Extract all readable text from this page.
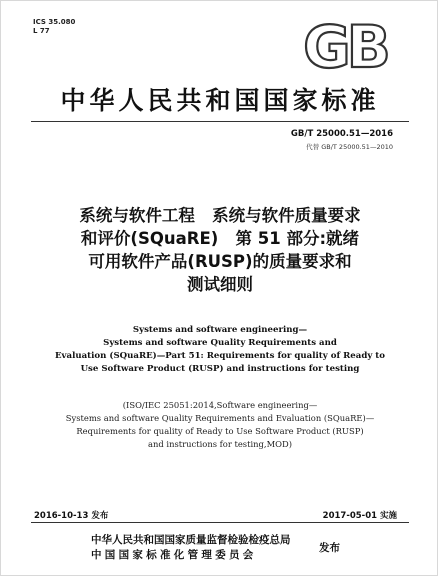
ICS 35.080
L 77	GB
中华人民共和国国家标准
GB/T 25000.51—2016
代替 GB/T 25000.51—2010
系统与软件工程   系统与软件质量要求
和评价(SQuaRE)   第 51 部分:就绪
可用软件产品(RUSP)的质量要求和
测试细则
Systems and software engineering—
Systems and software Quality Requirements and
Evaluation (SQuaRE)—Part 51: Requirements for quality of Ready to
Use Software Product (RUSP) and instructions for testing
(ISO/IEC 25051:2014,Software engineering—
Systems and software Quality Requirements and Evaluation (SQuaRE)—
Requirements for quality of Ready to Use Software Product (RUSP)
and instructions for testing,MOD)
2016-10-13 发布	2017-05-01 实施
中华人民共和国国家质量监督检验检疫总局
中国国家标准化管理委员会
发布
